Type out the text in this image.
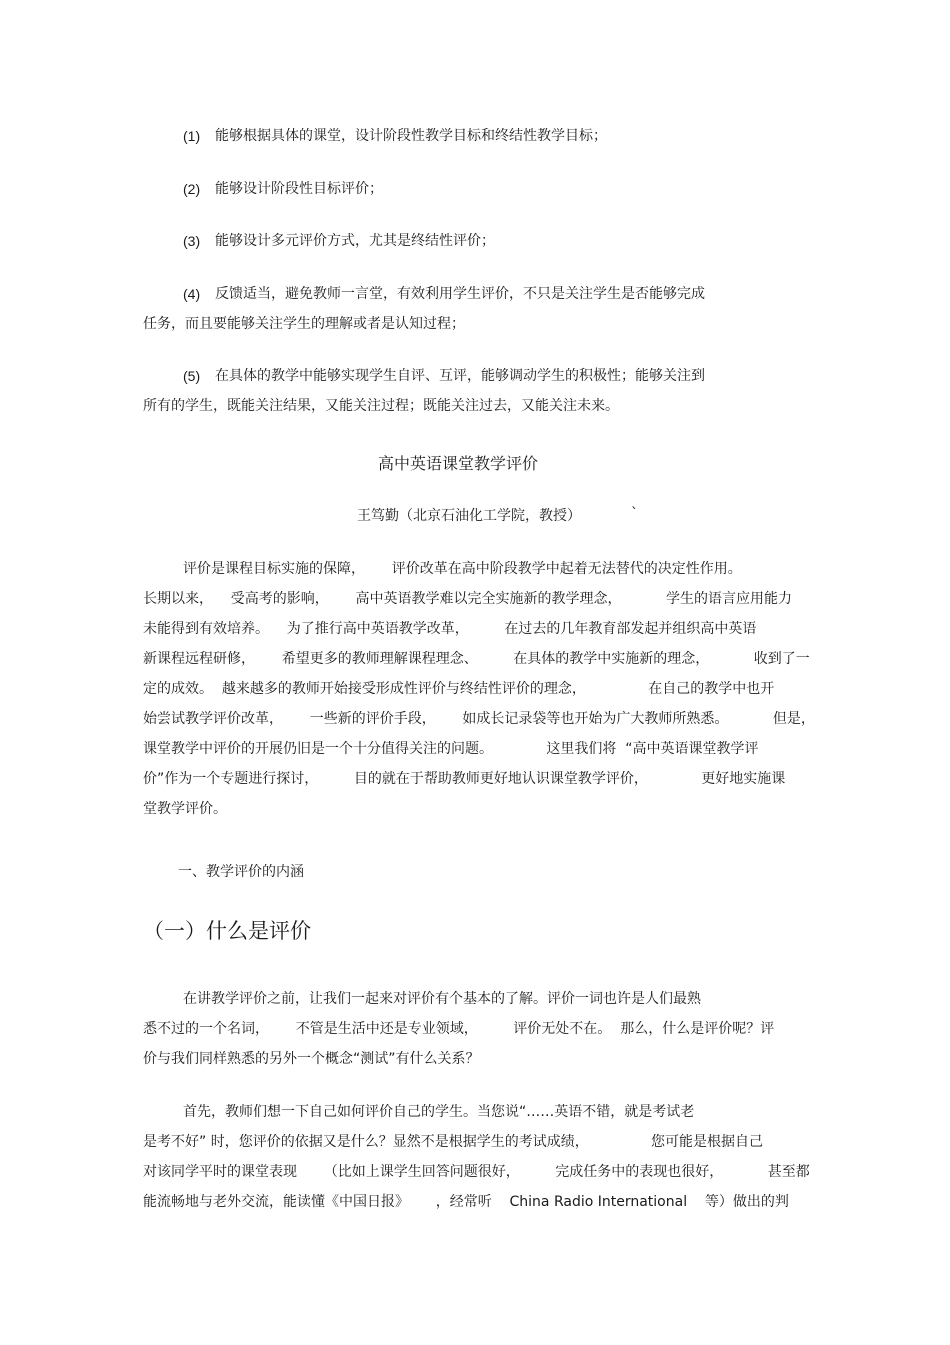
(1) 能够根据具体的课堂，设计阶段性教学目标和终结性教学目标；
(2) 能够设计阶段性目标评价；
(3) 能够设计多元评价方式，尤其是终结性评价；
(4) 反馈适当，避免教师一言堂，有效利用学生评价，不只是关注学生是否能够完成
任务，而且要能够关注学生的理解或者是认知过程；
(5) 在具体的教学中能够实现学生自评、互评，能够调动学生的积极性；能够关注到
所有的学生，既能关注结果，又能关注过程；既能关注过去，又能关注未来。
高中英语课堂教学评价
王笃勤（北京石油化工学院，教授）	`
评价是课程目标实施的保障，      评价改革在高中阶段教学中起着无法替代的决定性作用。
长期以来，    受高考的影响，      高中英语教学难以完全实施新的教学理念，          学生的语言应用能力
未能得到有效培养。    为了推行高中英语教学改革，        在过去的几年教育部发起并组织高中英语
新课程远程研修，      希望更多的教师理解课程理念、        在具体的教学中实施新的理念，          收到了一
定的成效。  越来越多的教师开始接受形成性评价与终结性评价的理念，              在自己的教学中也开
始尝试教学评价改革，      一些新的评价手段，      如成长记录袋等也开始为广大教师所熟悉。          但是，
课堂教学中评价的开展仍旧是一个十分值得关注的问题。            这里我们将  “高中英语课堂教学评
价”作为一个专题进行探讨，        目的就在于帮助教师更好地认识课堂教学评价，            更好地实施课
堂教学评价。
一、教学评价的内涵
（一）什么是评价
在讲教学评价之前，让我们一起来对评价有个基本的了解。评价一词也许是人们最熟
悉不过的一个名词，      不管是生活中还是专业领域，        评价无处不在。  那么，什么是评价呢？评
价与我们同样熟悉的另外一个概念“测试”有什么关系？
首先，教师们想一下自己如何评价自己的学生。当您说“……英语不错，就是考试老
是考不好” 时，您评价的依据又是什么？显然不是根据学生的考试成绩，              您可能是根据自己
对该同学平时的课堂表现      （比如上课学生回答问题很好，        完成任务中的表现也很好，          甚至都
能流畅地与老外交流，能读懂《中国日报》      ，经常听    China Radio International    等）做出的判
